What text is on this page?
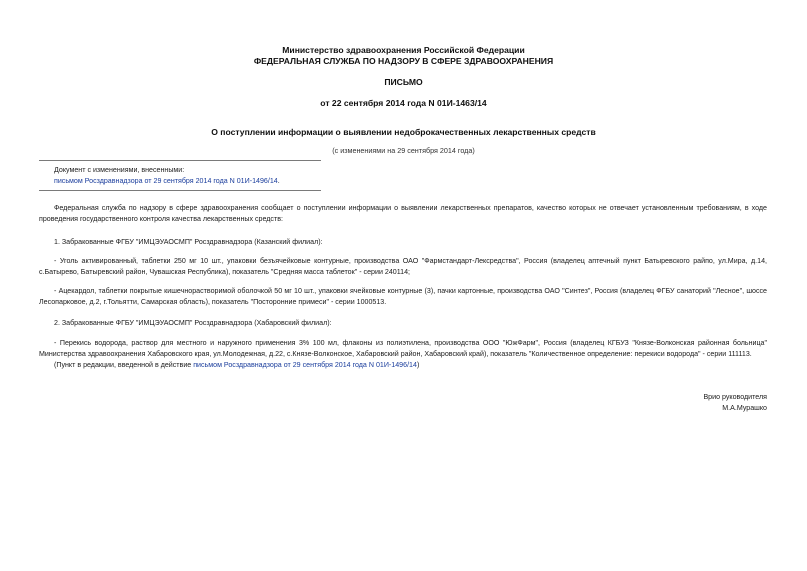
Министерство здравоохранения Российской Федерации
ФЕДЕРАЛЬНАЯ СЛУЖБА ПО НАДЗОРУ В СФЕРЕ ЗДРАВООХРАНЕНИЯ
ПИСЬМО
от 22 сентября 2014 года N 01И-1463/14
О поступлении информации о выявлении недоброкачественных лекарственных средств
(с изменениями на 29 сентября 2014 года)
Документ с изменениями, внесенными:
письмом Росздравнадзора от 29 сентября 2014 года N 01И-1496/14.
Федеральная служба по надзору в сфере здравоохранения сообщает о поступлении информации о выявлении лекарственных препаратов, качество которых не отвечает установленным требованиям, в ходе проведения государственного контроля качества лекарственных средств:
1. Забракованные ФГБУ "ИМЦЭУАОСМП" Росздравнадзора (Казанский филиал):
- Уголь активированный, таблетки 250 мг 10 шт., упаковки безъячейковые контурные, производства ОАО "Фармстандарт-Лексредства", Россия (владелец аптечный пункт Батыревского райпо, ул.Мира, д.14, с.Батырево, Батыревский район, Чувашская Республика), показатель "Средняя масса таблеток" - серии 240114;
- Ацекардол, таблетки покрытые кишечнорастворимой оболочкой 50 мг 10 шт., упаковки ячейковые контурные (3), пачки картонные, производства ОАО "Синтез", Россия (владелец ФГБУ санаторий "Лесное", шоссе Лесопарковое, д.2, г.Тольятти, Самарская область), показатель "Посторонние примеси" - серии 1000513.
2. Забракованные ФГБУ "ИМЦЭУАОСМП" Росздравнадзора (Хабаровский филиал):
- Перекись водорода, раствор для местного и наружного применения 3% 100 мл, флаконы из полиэтилена, производства ООО "ЮжФарм", Россия (владелец КГБУЗ "Князе-Волконская районная больница" Министерства здравоохранения Хабаровского края, ул.Молодежная, д.22, с.Князе-Волконское, Хабаровский район, Хабаровский край), показатель "Количественное определение: перекиси водорода" - серии 111113.
(Пункт в редакции, введенной в действие письмом Росздравнадзора от 29 сентября 2014 года N 01И-1496/14)
Врио руководителя
М.А.Мурашко
